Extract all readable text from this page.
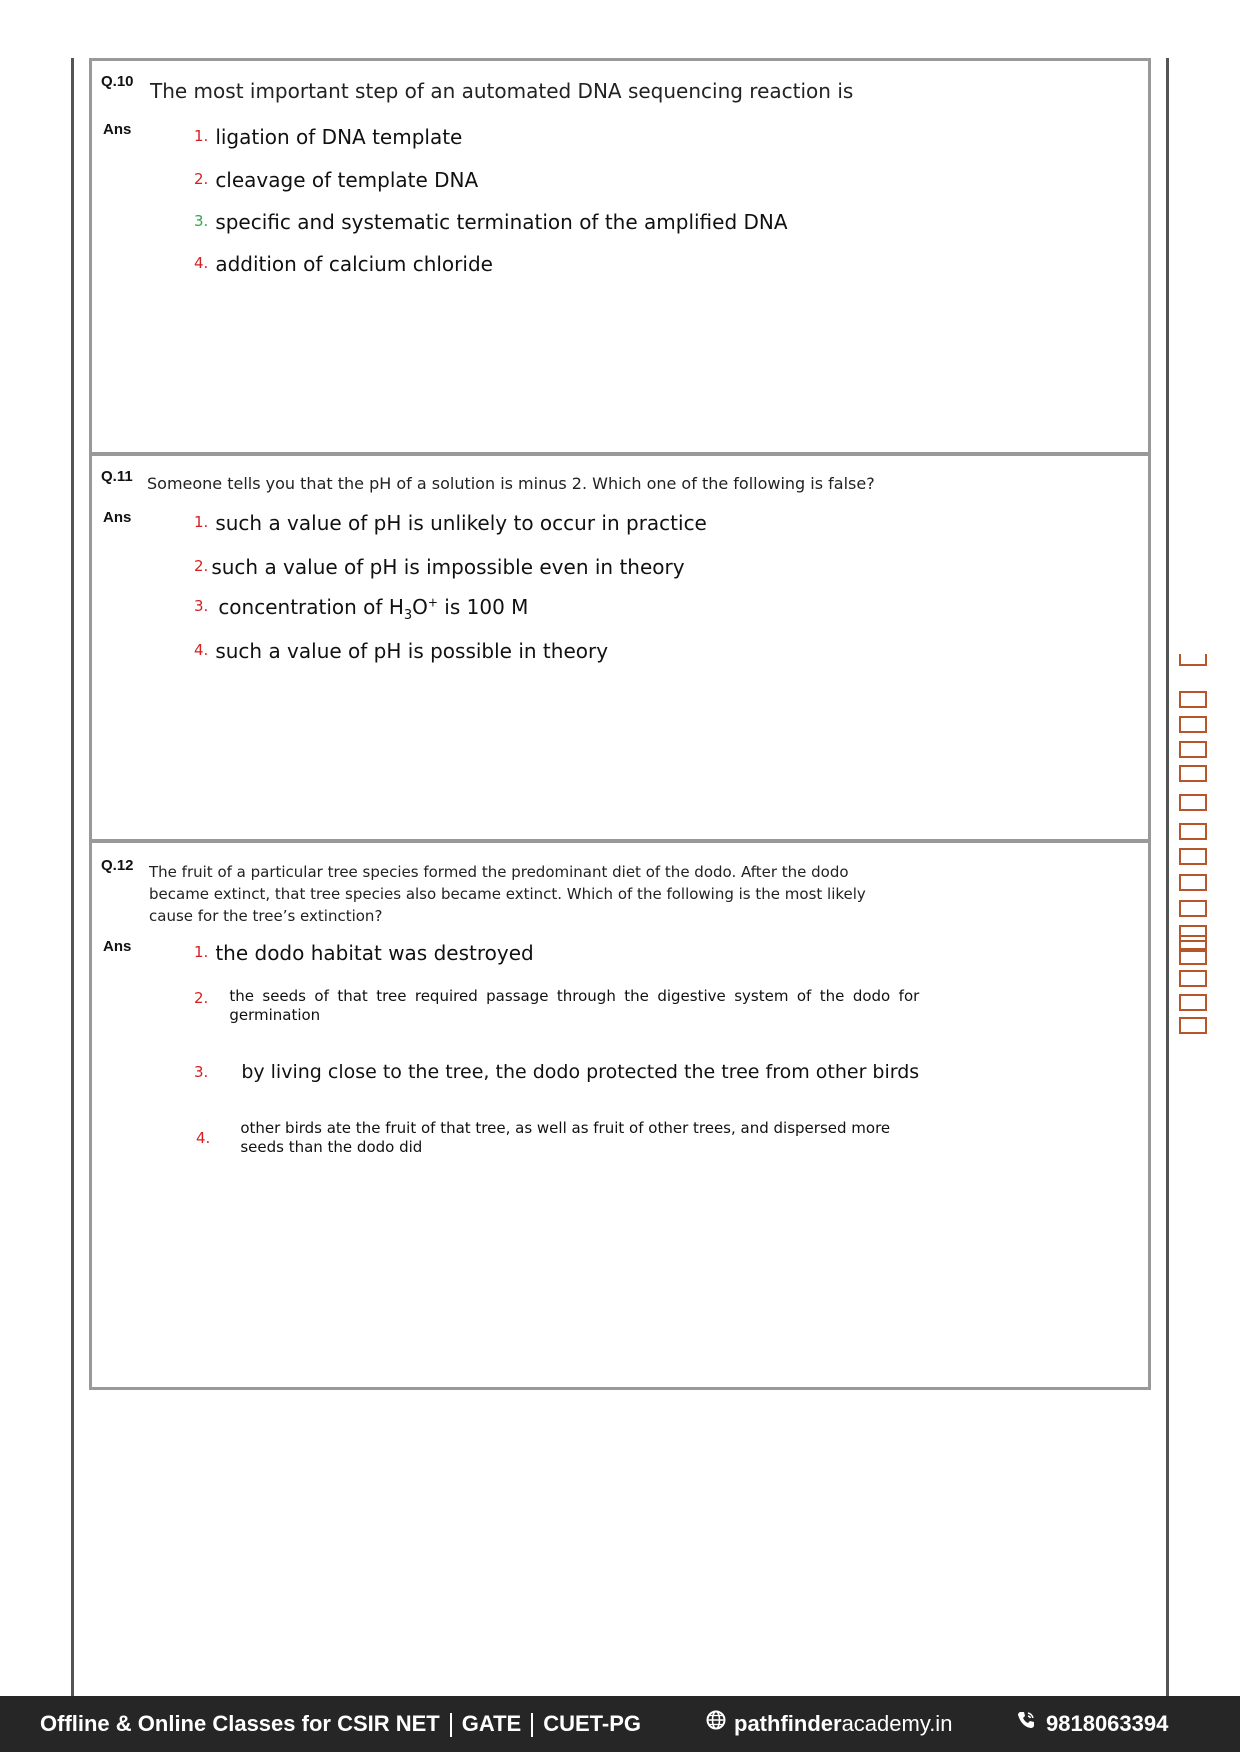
Q.10 The most important step of an automated DNA sequencing reaction is
Ans	1. ligation of DNA template
2. cleavage of template DNA
3. specific and systematic termination of the amplified DNA
4. addition of calcium chloride
Q.11 Someone tells you that the pH of a solution is minus 2. Which one of the following is false?
Ans	1. such a value of pH is unlikely to occur in practice
2. such a value of pH is impossible even in theory
3. concentration of $H_3O^+$ is 100 M
4. such a value of pH is possible in theory
Q.12 The fruit of a particular tree species formed the predominant diet of the dodo. After the dodo
became extinct, that tree species also became extinct. Which of the following is the most likely
cause for the tree’s extinction?
Ans	1. the dodo habitat was destroyed
2. the seeds of that tree required passage through the digestive system of the dodo for germination
3. by living close to the tree, the dodo protected the tree from other birds
4.
other birds ate the fruit of that tree, as well as fruit of other trees, and dispersed more seeds than the dodo did
Offline & Online Classes for CSIR NET GATE CUET-PG	pathfinderacademy.in	9818063394
